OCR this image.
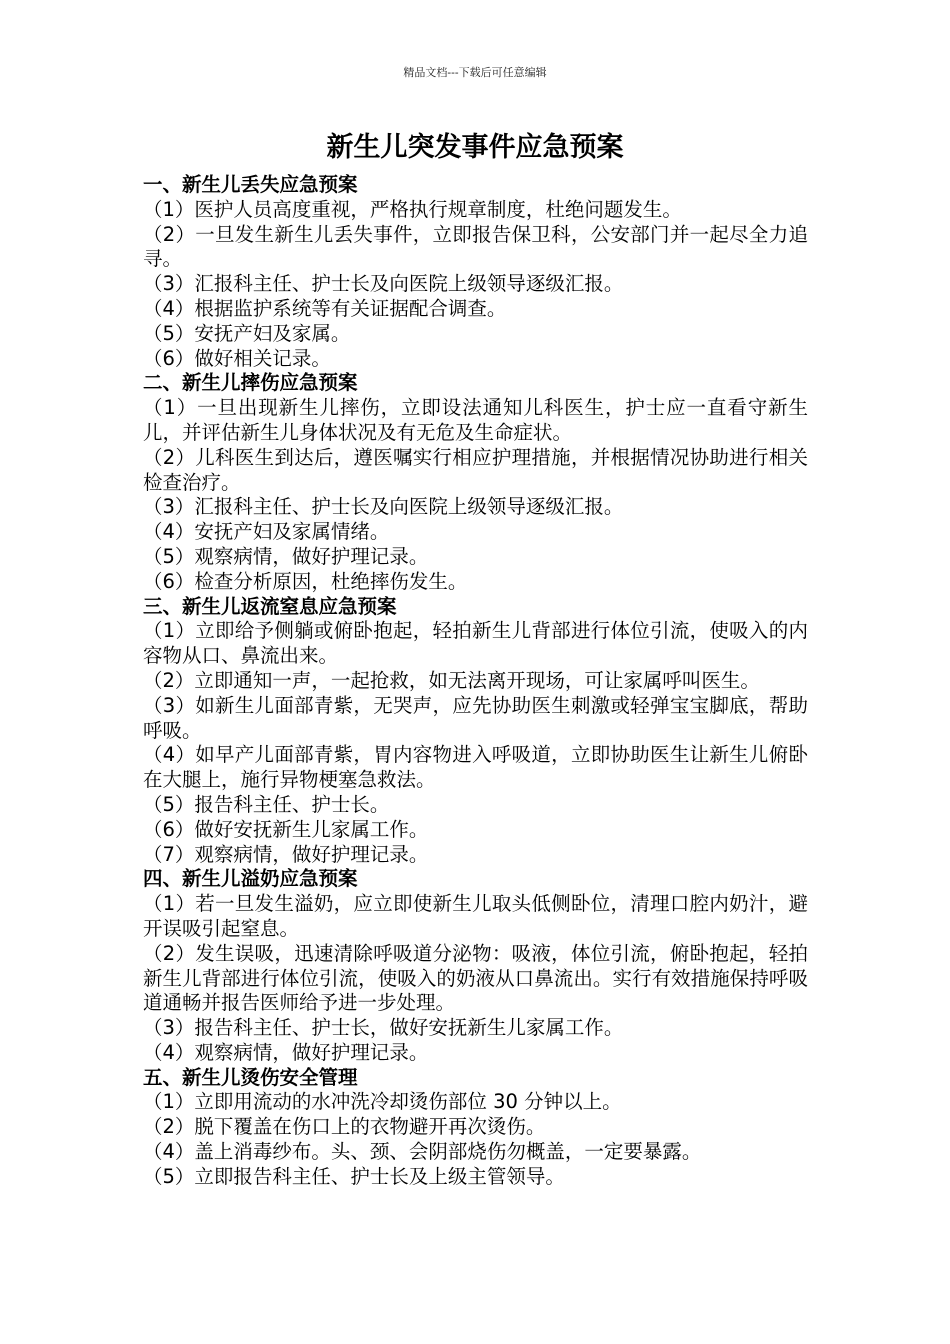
精品文档---下载后可任意编辑
新生儿突发事件应急预案

一、新生儿丢失应急预案

（1）医护人员高度重视，严格执行规章制度，杜绝问题发生。

（2）一旦发生新生儿丢失事件，立即报告保卫科，公安部门并一起尽全力追寻。

（3）汇报科主任、护士长及向医院上级领导逐级汇报。

（4）根据监护系统等有关证据配合调查。

（5）安抚产妇及家属。

（6）做好相关记录。

二、新生儿摔伤应急预案

（1）一旦出现新生儿摔伤，立即设法通知儿科医生，护士应一直看守新生儿，并评估新生儿身体状况及有无危及生命症状。

（2）儿科医生到达后，遵医嘱实行相应护理措施，并根据情况协助进行相关检查治疗。

（3）汇报科主任、护士长及向医院上级领导逐级汇报。

（4）安抚产妇及家属情绪。

（5）观察病情，做好护理记录。

（6）检查分析原因，杜绝摔伤发生。

三、新生儿返流窒息应急预案

（1）立即给予侧躺或俯卧抱起，轻拍新生儿背部进行体位引流，使吸入的内容物从口、鼻流出来。

（2）立即通知一声，一起抢救，如无法离开现场，可让家属呼叫医生。

（3）如新生儿面部青紫，无哭声，应先协助医生刺激或轻弹宝宝脚底，帮助呼吸。

（4）如早产儿面部青紫，胃内容物进入呼吸道，立即协助医生让新生儿俯卧在大腿上，施行异物梗塞急救法。

（5）报告科主任、护士长。

（6）做好安抚新生儿家属工作。

（7）观察病情，做好护理记录。

四、新生儿溢奶应急预案

（1）若一旦发生溢奶，应立即使新生儿取头低侧卧位，清理口腔内奶汁，避开误吸引起窒息。

（2）发生误吸，迅速清除呼吸道分泌物：吸液，体位引流，俯卧抱起，轻拍新生儿背部进行体位引流，使吸入的奶液从口鼻流出。实行有效措施保持呼吸道通畅并报告医师给予进一步处理。

（3）报告科主任、护士长，做好安抚新生儿家属工作。

（4）观察病情，做好护理记录。

五、新生儿烫伤安全管理

（1）立即用流动的水冲洗冷却烫伤部位 30 分钟以上。

（2）脱下覆盖在伤口上的衣物避开再次烫伤。

（4）盖上消毒纱布。头、颈、会阴部烧伤勿概盖，一定要暴露。

（5）立即报告科主任、护士长及上级主管领导。
